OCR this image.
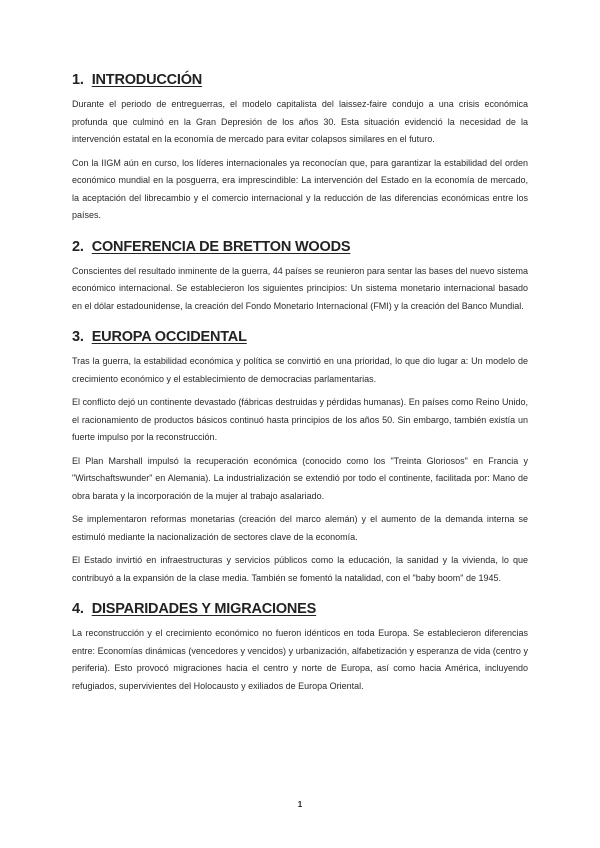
1. INTRODUCCIÓN

Durante el periodo de entreguerras, el modelo capitalista del laissez-faire condujo a una crisis económica profunda que culminó en la Gran Depresión de los años 30. Esta situación evidenció la necesidad de la intervención estatal en la economía de mercado para evitar colapsos similares en el futuro.

Con la IIGM aún en curso, los líderes internacionales ya reconocían que, para garantizar la estabilidad del orden económico mundial en la posguerra, era imprescindible: La intervención del Estado en la economía de mercado, la aceptación del librecambio y el comercio internacional y la reducción de las diferencias económicas entre los países.

2. CONFERENCIA DE BRETTON WOODS

Conscientes del resultado inminente de la guerra, 44 países se reunieron para sentar las bases del nuevo sistema económico internacional. Se establecieron los siguientes principios: Un sistema monetario internacional basado en el dólar estadounidense, la creación del Fondo Monetario Internacional (FMI) y la creación del Banco Mundial.

3. EUROPA OCCIDENTAL

Tras la guerra, la estabilidad económica y política se convirtió en una prioridad, lo que dio lugar a: Un modelo de crecimiento económico y el establecimiento de democracias parlamentarias.

El conflicto dejó un continente devastado (fábricas destruidas y pérdidas humanas). En países como Reino Unido, el racionamiento de productos básicos continuó hasta principios de los años 50. Sin embargo, también existía un fuerte impulso por la reconstrucción.

El Plan Marshall impulsó la recuperación económica (conocido como los "Treinta Gloriosos" en Francia y "Wirtschaftswunder" en Alemania). La industrialización se extendió por todo el continente, facilitada por: Mano de obra barata y la incorporación de la mujer al trabajo asalariado.

Se implementaron reformas monetarias (creación del marco alemán) y el aumento de la demanda interna se estimuló mediante la nacionalización de sectores clave de la economía.

El Estado invirtió en infraestructuras y servicios públicos como la educación, la sanidad y la vivienda, lo que contribuyó a la expansión de la clase media. También se fomentó la natalidad, con el "baby boom" de 1945.

4. DISPARIDADES Y MIGRACIONES

La reconstrucción y el crecimiento económico no fueron idénticos en toda Europa. Se establecieron diferencias entre: Economías dinámicas (vencedores y vencidos) y urbanización, alfabetización y esperanza de vida (centro y periferia). Esto provocó migraciones hacia el centro y norte de Europa, así como hacia América, incluyendo refugiados, supervivientes del Holocausto y exiliados de Europa Oriental.

1
